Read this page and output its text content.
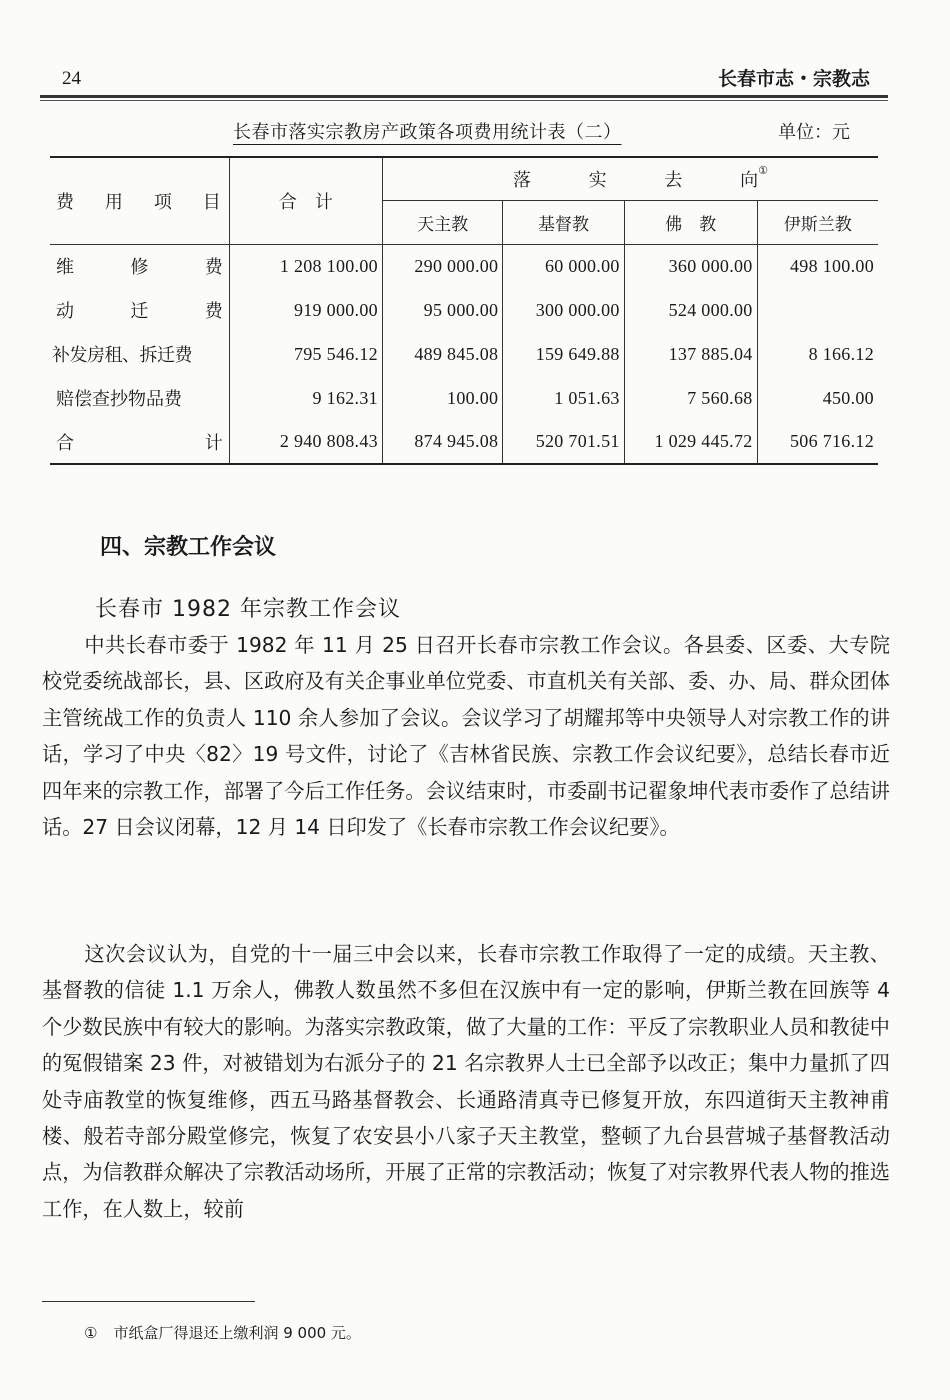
24	长春市志・宗教志
长春市落实宗教房产政策各项费用统计表（二）	单位：元
费 用 项 目	合　计	落 实 去 向①

		天主教	基督教	佛　教	伊斯兰教

维 修 费	1 208 100.00	290 000.00	60 000.00	360 000.00	498 100.00

动 迁 费	919 000.00	95 000.00	300 000.00	524 000.00	
补发房租、拆迁费	795 546.12	489 845.08	159 649.88	137 885.04	8 166.12
赔偿查抄物品费	9 162.31	100.00	1 051.63	7 560.68	450.00

合 计	2 940 808.43	874 945.08	520 701.51	1 029 445.72	506 716.12
四、宗教工作会议
长春市 1982 年宗教工作会议
中共长春市委于 1982 年 11 月 25 日召开长春市宗教工作会议。各县委、区委、大专院校党委统战部长，县、区政府及有关企事业单位党委、市直机关有关部、委、办、局、群众团体主管统战工作的负责人 110 余人参加了会议。会议学习了胡耀邦等中央领导人对宗教工作的讲话，学习了中央〈82〉19 号文件，讨论了《吉林省民族、宗教工作会议纪要》，总结长春市近四年来的宗教工作，部署了今后工作任务。会议结束时，市委副书记翟象坤代表市委作了总结讲话。27 日会议闭幕，12 月 14 日印发了《长春市宗教工作会议纪要》。
这次会议认为，自党的十一届三中会以来，长春市宗教工作取得了一定的成绩。天主教、基督教的信徒 1.1 万余人，佛教人数虽然不多但在汉族中有一定的影响，伊斯兰教在回族等 4 个少数民族中有较大的影响。为落实宗教政策，做了大量的工作：平反了宗教职业人员和教徒中的冤假错案 23 件，对被错划为右派分子的 21 名宗教界人士已全部予以改正；集中力量抓了四处寺庙教堂的恢复维修，西五马路基督教会、长通路清真寺已修复开放，东四道街天主教神甫楼、般若寺部分殿堂修完，恢复了农安县小八家子天主教堂，整顿了九台县营城子基督教活动点，为信教群众解决了宗教活动场所，开展了正常的宗教活动；恢复了对宗教界代表人物的推选工作，在人数上，较前
① 市纸盒厂得退还上缴利润 9 000 元。
